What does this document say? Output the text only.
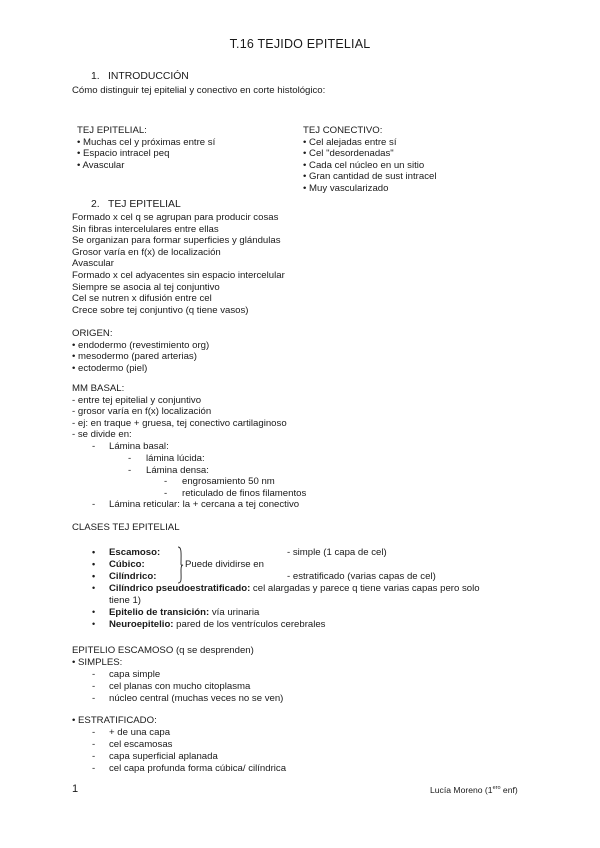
T.16 TEJIDO EPITELIAL
1. INTRODUCCIÓN
Cómo distinguir tej epitelial y conectivo en corte histológico:
TEJ EPITELIAL:
• Muchas cel y próximas entre sí
• Espacio intracel peq
• Avascular
TEJ CONECTIVO:
• Cel alejadas entre sí
• Cel "desordenadas"
• Cada cel núcleo en un sitio
• Gran cantidad de sust intracel
• Muy vascularizado
2. TEJ EPITELIAL
Formado x cel q se agrupan para producir cosas
Sin fibras intercelulares entre ellas
Se organizan para formar superficies y glándulas
Grosor varía en f(x) de localización
Avascular
Formado x cel adyacentes sin espacio intercelular
Siempre se asocia al tej conjuntivo
Cel se nutren x difusión entre cel
Crece sobre tej conjuntivo (q tiene vasos)
ORIGEN:
• endodermo (revestimiento org)
• mesodermo (pared arterias)
• ectodermo (piel)
MM BASAL:
- entre tej epitelial y conjuntivo
- grosor varía en f(x) localización
- ej: en traque + gruesa, tej conectivo cartilaginoso
- se divide en:
- Lámina basal:
- lámina lúcida:
- Lámina densa:
- engrosamiento 50 nm
- reticulado de finos filamentos
- Lámina reticular: la + cercana a tej conectivo
CLASES TEJ EPITELIAL
• Escamoso:
• Cúbico:
• Cilíndrico:
Puede dividirse en
- simple (1 capa de cel)
- estratificado (varias capas de cel)
• Cilíndrico pseudoestratificado: cel alargadas y parece q tiene varias capas pero solo
tiene 1)
• Epitelio de transición: vía urinaria
• Neuroepitelio: pared de los ventrículos cerebrales
EPITELIO ESCAMOSO (q se desprenden)
• SIMPLES:
- capa simple
- cel planas con mucho citoplasma
- núcleo central (muchas veces no se ven)
• ESTRATIFICADO:
- + de una capa
- cel escamosas
- capa superficial aplanada
- cel capa profunda forma cúbica/ cilíndrica
1	Lucía Moreno ($1^{ero}$ enf)
